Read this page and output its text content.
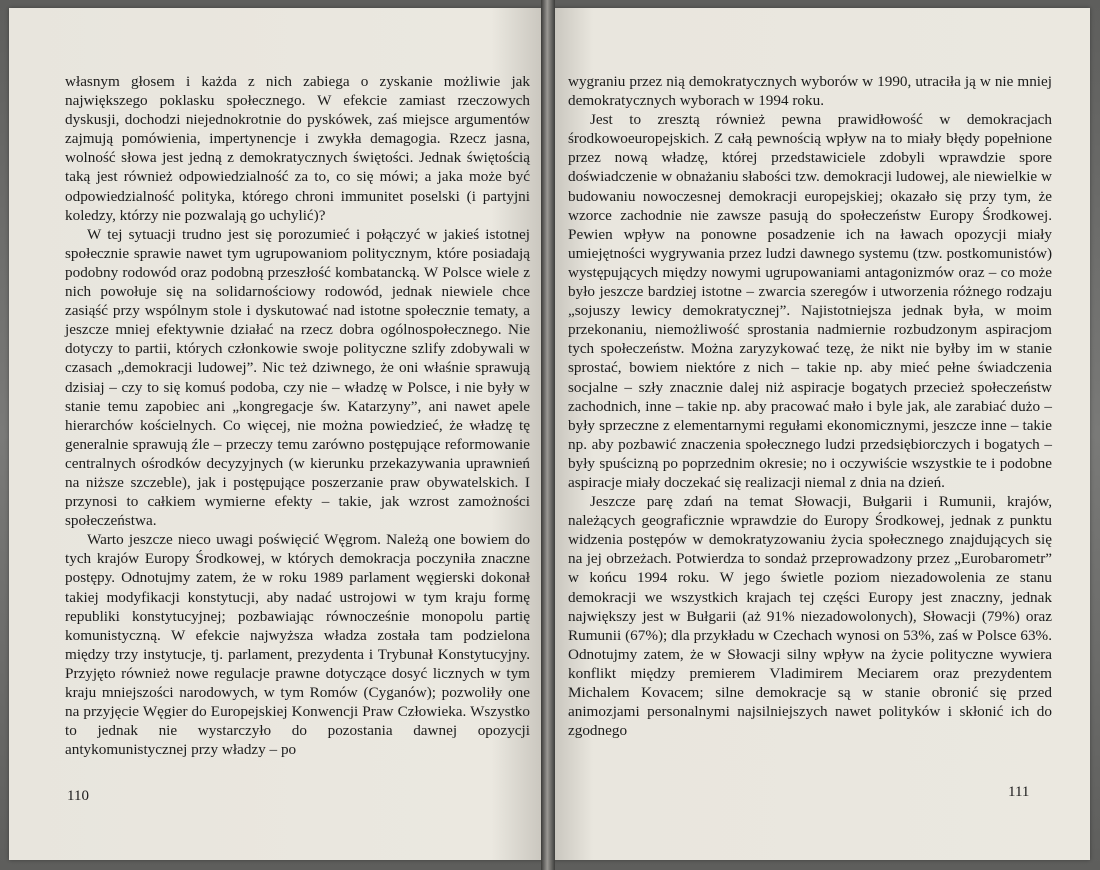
własnym głosem i każda z nich zabiega o zyskanie możliwie jak największego poklasku społecznego. W efekcie zamiast rzeczowych dyskusji, dochodzi niejednokrotnie do pyskówek, zaś miejsce argumentów zajmują pomówienia, impertynencje i zwykła demagogia. Rzecz jasna, wolność słowa jest jedną z demokratycznych świętości. Jednak świętością taką jest również odpowiedzialność za to, co się mówi; a jaka może być odpowiedzialność polityka, którego chroni immunitet poselski (i partyjni koledzy, którzy nie pozwalają go uchylić)?

W tej sytuacji trudno jest się porozumieć i połączyć w jakieś istotnej społecznie sprawie nawet tym ugrupowaniom politycznym, które posiadają podobny rodowód oraz podobną przeszłość kombatancką. W Polsce wiele z nich powołuje się na solidarnościowy rodowód, jednak niewiele chce zasiąść przy wspólnym stole i dyskutować nad istotne społecznie tematy, a jeszcze mniej efektywnie działać na rzecz dobra ogólnospołecznego. Nie dotyczy to partii, których członkowie swoje polityczne szlify zdobywali w czasach „demokracji ludowej”. Nic też dziwnego, że oni właśnie sprawują dzisiaj – czy to się komuś podoba, czy nie – władzę w Polsce, i nie były w stanie temu zapobiec ani „kongregacje św. Katarzyny”, ani nawet apele hierarchów kościelnych. Co więcej, nie można powiedzieć, że władzę tę generalnie sprawują źle – przeczy temu zarówno postępujące reformowanie centralnych ośrodków decyzyjnych (w kierunku przekazywania uprawnień na niższe szczeble), jak i postępujące poszerzanie praw obywatelskich. I przynosi to całkiem wymierne efekty – takie, jak wzrost zamożności społeczeństwa.

Warto jeszcze nieco uwagi poświęcić Węgrom. Należą one bowiem do tych krajów Europy Środkowej, w których demokracja poczyniła znaczne postępy. Odnotujmy zatem, że w roku 1989 parlament węgierski dokonał takiej modyfikacji konstytucji, aby nadać ustrojowi w tym kraju formę republiki konstytucyjnej; pozbawiając równocześnie monopolu partię komunistyczną. W efekcie najwyższa władza została tam podzielona między trzy instytucje, tj. parlament, prezydenta i Trybunał Konstytucyjny. Przyjęto również nowe regulacje prawne dotyczące dosyć licznych w tym kraju mniejszości narodowych, w tym Romów (Cyganów); pozwoliły one na przyjęcie Węgier do Europejskiej Konwencji Praw Człowieka. Wszystko to jednak nie wystarczyło do pozostania dawnej opozycji antykomunistycznej przy władzy – po

110

wygraniu przez nią demokratycznych wyborów w 1990, utraciła ją w nie mniej demokratycznych wyborach w 1994 roku.

Jest to zresztą również pewna prawidłowość w demokracjach środkowoeuropejskich. Z całą pewnością wpływ na to miały błędy popełnione przez nową władzę, której przedstawiciele zdobyli wprawdzie spore doświadczenie w obnażaniu słabości tzw. demokracji ludowej, ale niewielkie w budowaniu nowoczesnej demokracji europejskiej; okazało się przy tym, że wzorce zachodnie nie zawsze pasują do społeczeństw Europy Środkowej. Pewien wpływ na ponowne posadzenie ich na ławach opozycji miały umiejętności wygrywania przez ludzi dawnego systemu (tzw. postkomunistów) występujących między nowymi ugrupowaniami antagonizmów oraz – co może było jeszcze bardziej istotne – zwarcia szeregów i utworzenia różnego rodzaju „sojuszy lewicy demokratycznej”. Najistotniejsza jednak była, w moim przekonaniu, niemożliwość sprostania nadmiernie rozbudzonym aspiracjom tych społeczeństw. Można zaryzykować tezę, że nikt nie byłby im w stanie sprostać, bowiem niektóre z nich – takie np. aby mieć pełne świadczenia socjalne – szły znacznie dalej niż aspiracje bogatych przecież społeczeństw zachodnich, inne – takie np. aby pracować mało i byle jak, ale zarabiać dużo – były sprzeczne z elementarnymi regułami ekonomicznymi, jeszcze inne – takie np. aby pozbawić znaczenia społecznego ludzi przedsiębiorczych i bogatych – były spuścizną po poprzednim okresie; no i oczywiście wszystkie te i podobne aspiracje miały doczekać się realizacji niemal z dnia na dzień.

Jeszcze parę zdań na temat Słowacji, Bułgarii i Rumunii, krajów, należących geograficznie wprawdzie do Europy Środkowej, jednak z punktu widzenia postępów w demokratyzowaniu życia społecznego znajdujących się na jej obrzeżach. Potwierdza to sondaż przeprowadzony przez „Eurobarometr” w końcu 1994 roku. W jego świetle poziom niezadowolenia ze stanu demokracji we wszystkich krajach tej części Europy jest znaczny, jednak największy jest w Bułgarii (aż 91% niezadowolonych), Słowacji (79%) oraz Rumunii (67%); dla przykładu w Czechach wynosi on 53%, zaś w Polsce 63%. Odnotujmy zatem, że w Słowacji silny wpływ na życie polityczne wywiera konflikt między premierem Vladimirem Meciarem oraz prezydentem Michalem Kovacem; silne demokracje są w stanie obronić się przed animozjami personalnymi najsilniejszych nawet polityków i skłonić ich do zgodnego

111
